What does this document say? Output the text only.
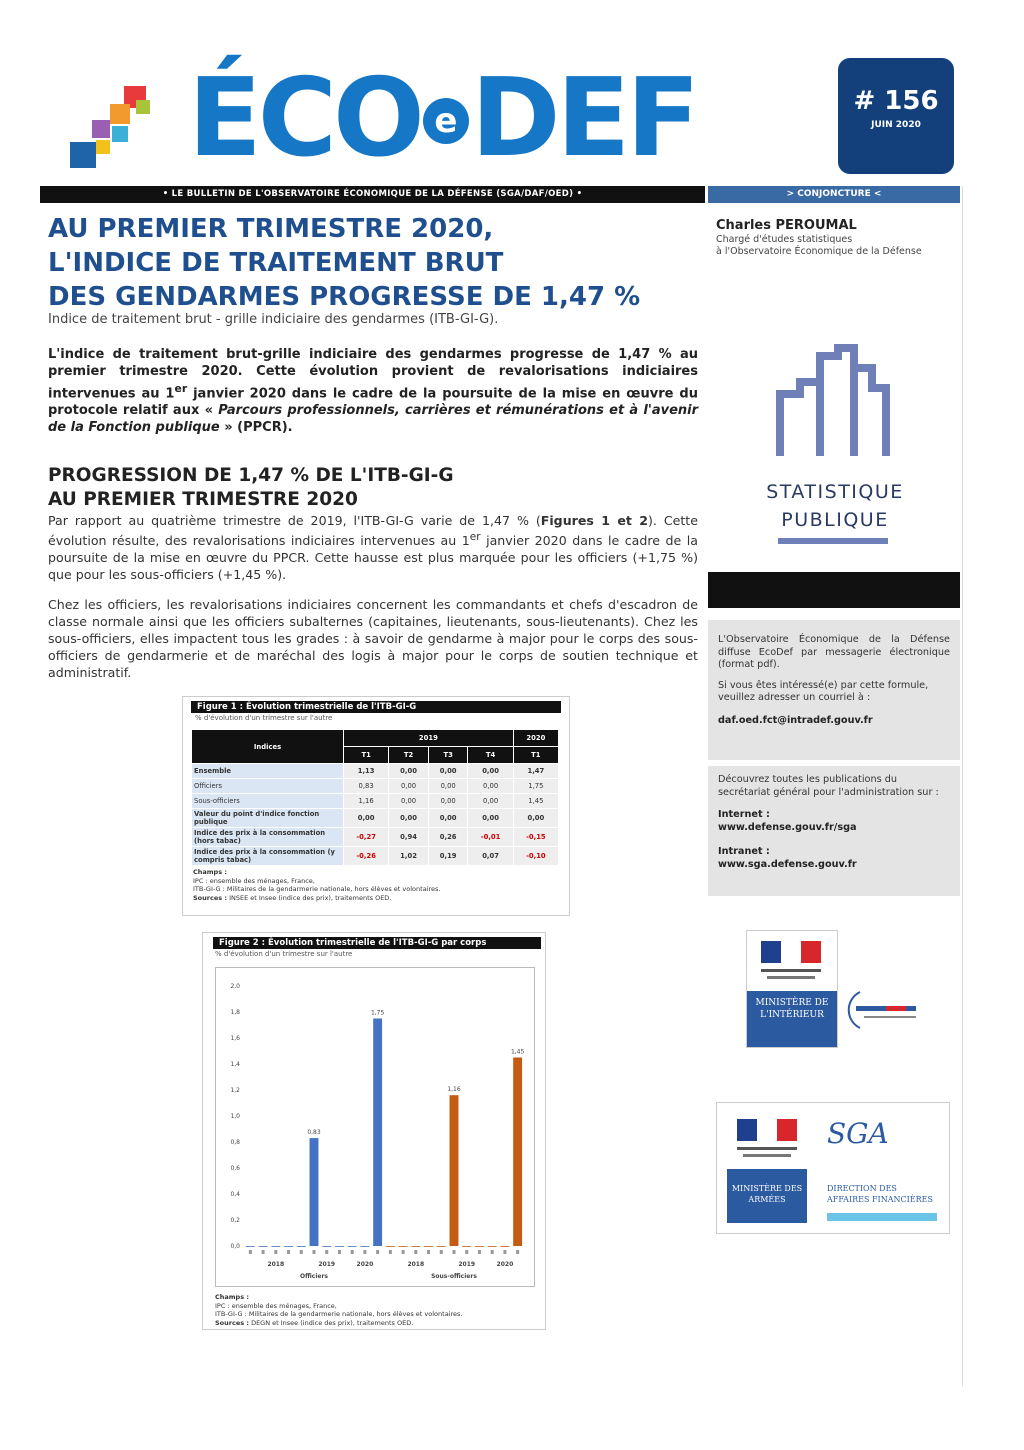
ÉCO e DEF	# 156
JUIN 2020
• LE BULLETIN DE L'OBSERVATOIRE ÉCONOMIQUE DE LA DÉFENSE (SGA/DAF/OED) •	> CONJONCTURE <
AU PREMIER TRIMESTRE 2020,
L'INDICE DE TRAITEMENT BRUT
DES GENDARMES PROGRESSE DE 1,47 %
Indice de traitement brut - grille indiciaire des gendarmes (ITB-GI-G).
L'indice de traitement brut-grille indiciaire des gendarmes progresse de 1,47 % au premier trimestre 2020. Cette évolution provient de revalorisations indiciaires intervenues au 1er janvier 2020 dans le cadre de la poursuite de la mise en œuvre du protocole relatif aux « Parcours professionnels, carrières et rémunérations et à l'avenir de la Fonction publique » (PPCR).
PROGRESSION DE 1,47 % DE L'ITB-GI-G
AU PREMIER TRIMESTRE 2020
Par rapport au quatrième trimestre de 2019, l'ITB-GI-G varie de 1,47 % (Figures 1 et 2). Cette évolution résulte, des revalorisations indiciaires intervenues au 1er janvier 2020 dans le cadre de la poursuite de la mise en œuvre du PPCR. Cette hausse est plus marquée pour les officiers (+1,75 %) que pour les sous-officiers (+1,45 %).
Chez les officiers, les revalorisations indiciaires concernent les commandants et chefs d'escadron de classe normale ainsi que les officiers subalternes (capitaines, lieutenants, sous-lieutenants). Chez les sous-officiers, elles impactent tous les grades : à savoir de gendarme à major pour le corps des sous-officiers de gendarmerie et de maréchal des logis à major pour le corps de soutien technique et administratif.
Figure 1 : Évolution trimestrielle de l'ITB-GI-G
% d'évolution d'un trimestre sur l'autre
Indices	2019				2020
	T1	T2	T3	T4	T1
Ensemble	1,13	0,00	0,00	0,00	1,47
Officiers	0,83	0,00	0,00	0,00	1,75
Sous-officiers	1,16	0,00	0,00	0,00	1,45
Valeur du point d'indice fonction publique	0,00	0,00	0,00	0,00	0,00
Indice des prix à la consommation (hors tabac)	-0,27	0,94	0,26	-0,01	-0,15
Indice des prix à la consommation (y compris tabac)	-0,26	1,02	0,19	0,07	-0,10
Champs :
IPC : ensemble des ménages, France,
ITB-GI-G : Militaires de la gendarmerie nationale, hors élèves et volontaires.
Sources : INSEE et Insee (indice des prix), traitements OED.
Figure 2 : Évolution trimestrielle de l'ITB-GI-G par corps
% d'évolution d'un trimestre sur l'autre
0,0
0,2
0,4
0,6
0,8
1,0
1,2
1,4
1,6
1,8
2,0
0,83
1,75
1,16
1,45
2018	2019	2020	2018	2019	2020
Officiers	Sous-officiers
Champs :
IPC : ensemble des ménages, France,
ITB-GI-G : Militaires de la gendarmerie nationale, hors élèves et volontaires.
Sources : DEGN et Insee (indice des prix), traitements OED.
Charles PEROUMAL
Chargé d'études statistiques
à l'Observatoire Économique de la Défense
STATISTIQUE
PUBLIQUE
L'Observatoire Économique de la Défense diffuse EcoDef par messagerie électronique (format pdf).
Si vous êtes intéressé(e) par cette formule, veuillez adresser un courriel à :
daf.oed.fct@intradef.gouv.fr
Découvrez toutes les publications du secrétariat général pour l'administration sur :
Internet :
www.defense.gouv.fr/sga
Intranet :
www.sga.defense.gouv.fr
MINISTÈRE DE L'INTÉRIEUR
MINISTÈRE DES ARMÉES
SGA
DIRECTION DES AFFAIRES FINANCIÈRES
